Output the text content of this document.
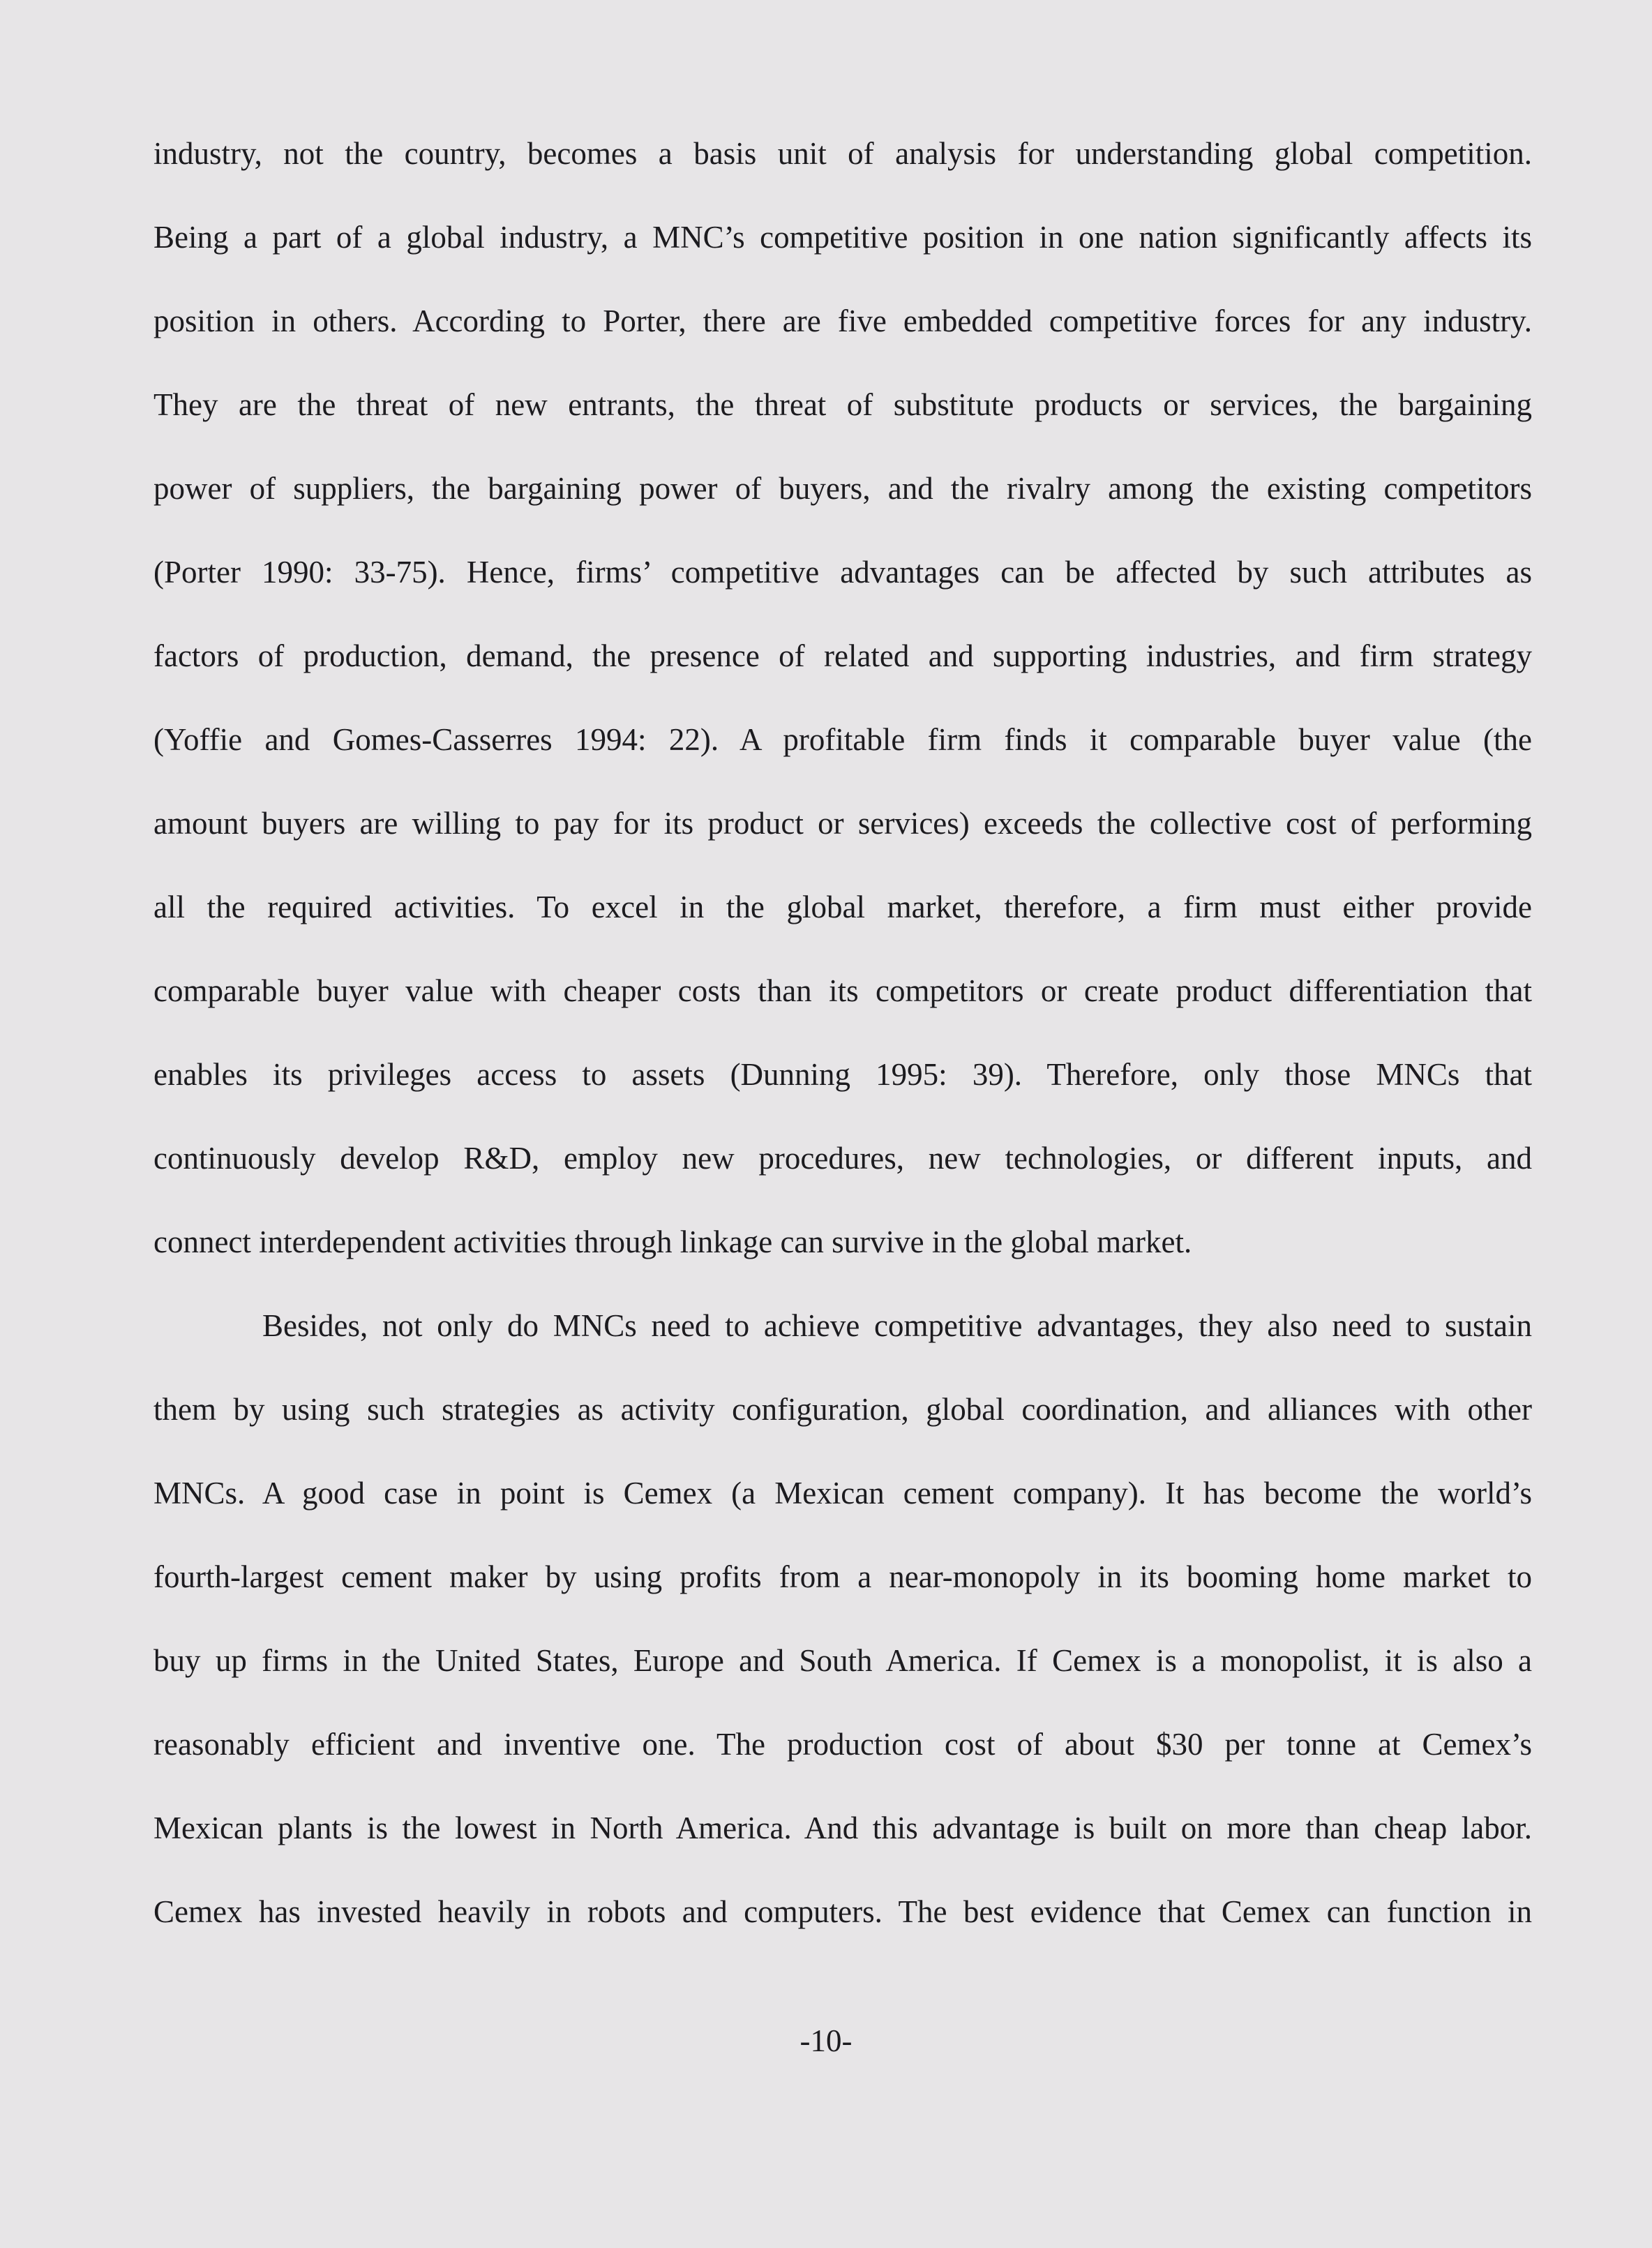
industry, not the country, becomes a basis unit of analysis for understanding global competition.
Being a part of a global industry, a MNC’s competitive position in one nation significantly affects its
position in others. According to Porter, there are five embedded competitive forces for any industry.
They are the threat of new entrants, the threat of substitute products or services, the bargaining
power of suppliers, the bargaining power of buyers, and the rivalry among the existing competitors
(Porter 1990: 33-75). Hence, firms’ competitive advantages can be affected by such attributes as
factors of production, demand, the presence of related and supporting industries, and firm strategy
(Yoffie and Gomes-Casserres 1994: 22). A profitable firm finds it comparable buyer value (the
amount buyers are willing to pay for its product or services) exceeds the collective cost of performing
all the required activities. To excel in the global market, therefore, a firm must either provide
comparable buyer value with cheaper costs than its competitors or create product differentiation that
enables its privileges access to assets (Dunning 1995: 39). Therefore, only those MNCs that
continuously develop R&D, employ new procedures, new technologies, or different inputs, and
connect interdependent activities through linkage can survive in the global market.
Besides, not only do MNCs need to achieve competitive advantages, they also need to sustain
them by using such strategies as activity configuration, global coordination, and alliances with other
MNCs. A good case in point is Cemex (a Mexican cement company). It has become the world’s
fourth-largest cement maker by using profits from a near-monopoly in its booming home market to
buy up firms in the United States, Europe and South America. If Cemex is a monopolist, it is also a
reasonably efficient and inventive one. The production cost of about $30 per tonne at Cemex’s
Mexican plants is the lowest in North America. And this advantage is built on more than cheap labor.
Cemex has invested heavily in robots and computers. The best evidence that Cemex can function in
-10-
